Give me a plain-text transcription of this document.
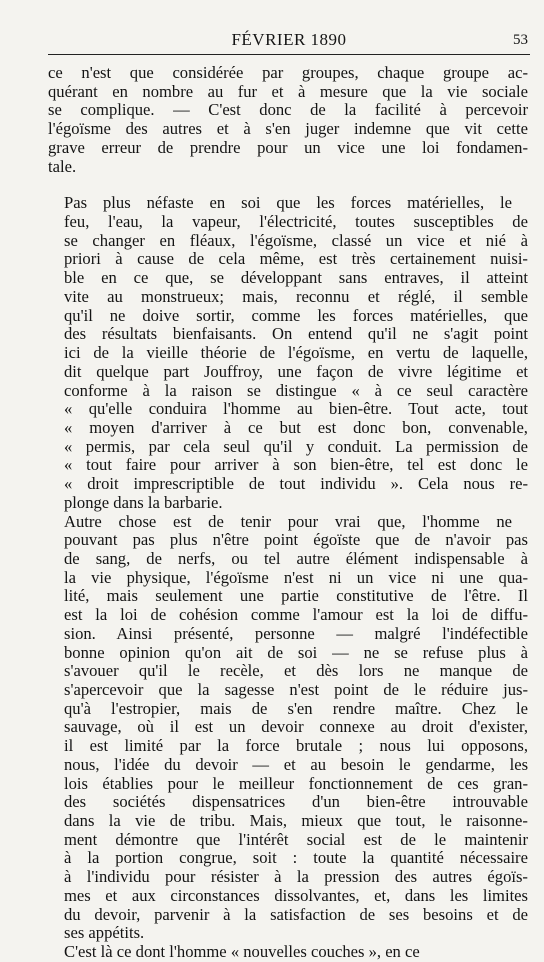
FÉVRIER 1890	53

ce n'est que considérée par groupes, chaque groupe ac-
quérant en nombre au fur et à mesure que la vie sociale
se complique. — C'est donc de la facilité à percevoir
l'égoïsme des autres et à s'en juger indemne que vit cette
grave erreur de prendre pour un vice une loi fondamen-
tale.

Pas plus néfaste en soi que les forces matérielles, le
feu, l'eau, la vapeur, l'électricité, toutes susceptibles de
se changer en fléaux, l'égoïsme, classé un vice et nié à
priori à cause de cela même, est très certainement nuisi-
ble en ce que, se développant sans entraves, il atteint
vite au monstrueux; mais, reconnu et réglé, il semble
qu'il ne doive sortir, comme les forces matérielles, que
des résultats bienfaisants. On entend qu'il ne s'agit point
ici de la vieille théorie de l'égoïsme, en vertu de laquelle,
dit quelque part Jouffroy, une façon de vivre légitime et
conforme à la raison se distingue « à ce seul caractère
« qu'elle conduira l'homme au bien-être. Tout acte, tout
« moyen d'arriver à ce but est donc bon, convenable,
« permis, par cela seul qu'il y conduit. La permission de
« tout faire pour arriver à son bien-être, tel est donc le
« droit imprescriptible de tout individu ». Cela nous re-
plonge dans la barbarie.

Autre chose est de tenir pour vrai que, l'homme ne
pouvant pas plus n'être point égoïste que de n'avoir pas
de sang, de nerfs, ou tel autre élément indispensable à
la vie physique, l'égoïsme n'est ni un vice ni une qua-
lité, mais seulement une partie constitutive de l'être. Il
est la loi de cohésion comme l'amour est la loi de diffu-
sion. Ainsi présenté, personne — malgré l'indéfectible
bonne opinion qu'on ait de soi — ne se refuse plus à
s'avouer qu'il le recèle, et dès lors ne manque de
s'apercevoir que la sagesse n'est point de le réduire jus-
qu'à l'estropier, mais de s'en rendre maître. Chez le
sauvage, où il est un devoir connexe au droit d'exister,
il est limité par la force brutale ; nous lui opposons,
nous, l'idée du devoir — et au besoin le gendarme, les
lois établies pour le meilleur fonctionnement de ces gran-
des sociétés dispensatrices d'un bien-être introuvable
dans la vie de tribu. Mais, mieux que tout, le raisonne-
ment démontre que l'intérêt social est de le maintenir
à la portion congrue, soit : toute la quantité nécessaire
à l'individu pour résister à la pression des autres égoïs-
mes et aux circonstances dissolvantes, et, dans les limites
du devoir, parvenir à la satisfaction de ses besoins et de
ses appétits.

C'est là ce dont l'homme « nouvelles couches », en ce
